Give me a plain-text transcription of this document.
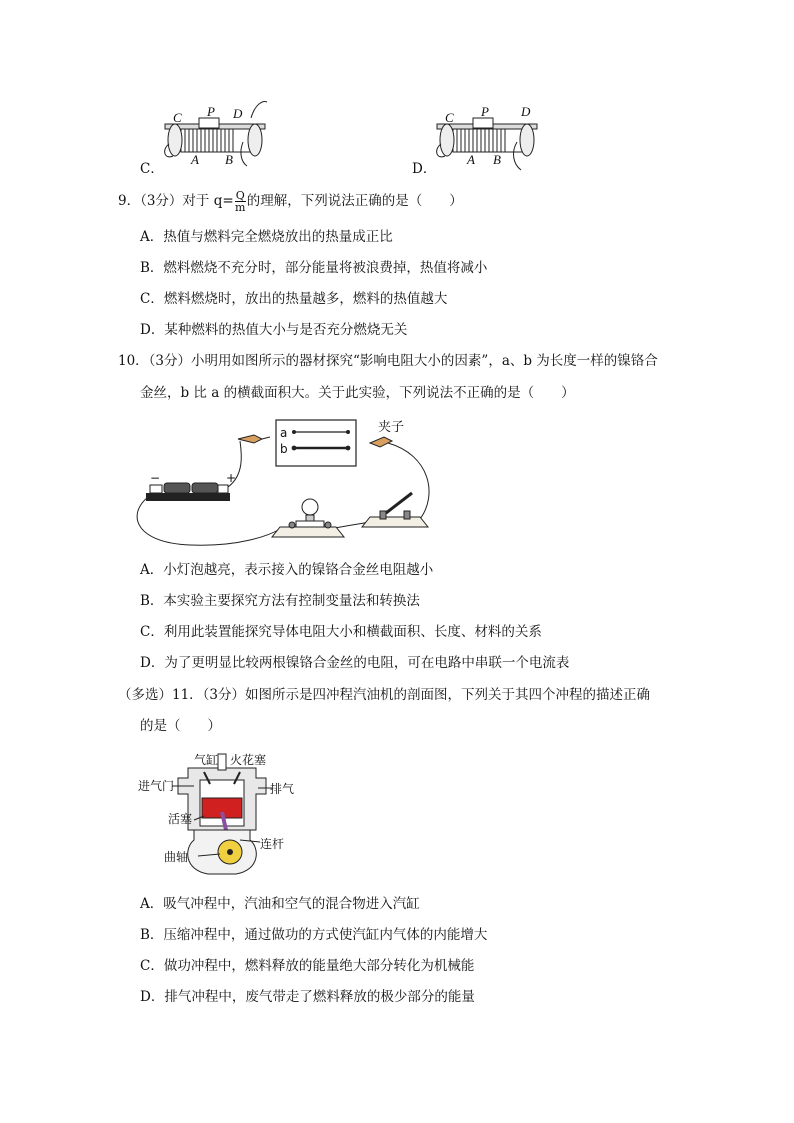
C P D
A B
C．
C P D
A B
D．
9．（3分）对于 $q= \frac{Q}{m}$ 的理解，下列说法正确的是（　　）
A．热值与燃料完全燃烧放出的热量成正比
B．燃料燃烧不充分时，部分能量将被浪费掉，热值将减小
C．燃料燃烧时，放出的热量越多，燃料的热值越大
D．某种燃料的热值大小与是否充分燃烧无关
10．（3分）小明用如图所示的器材探究“影响电阻大小的因素”，a、b 为长度一样的镍铬合
金丝，b 比 a 的横截面积大。关于此实验，下列说法不正确的是（　　）
a
b
夹子
−	+
A．小灯泡越亮，表示接入的镍铬合金丝电阻越小
B．本实验主要探究方法有控制变量法和转换法
C．利用此装置能探究导体电阻大小和横截面积、长度、材料的关系
D．为了更明显比较两根镍铬合金丝的电阻，可在电路中串联一个电流表
（多选）11．（3分）如图所示是四冲程汽油机的剖面图，下列关于其四个冲程的描述正确
的是（　　）
气缸 火花塞
进气门	排气
活塞
连杆
曲轴
A．吸气冲程中，汽油和空气的混合物进入汽缸
B．压缩冲程中，通过做功的方式使汽缸内气体的内能增大
C．做功冲程中，燃料释放的能量绝大部分转化为机械能
D．排气冲程中，废气带走了燃料释放的极少部分的能量
